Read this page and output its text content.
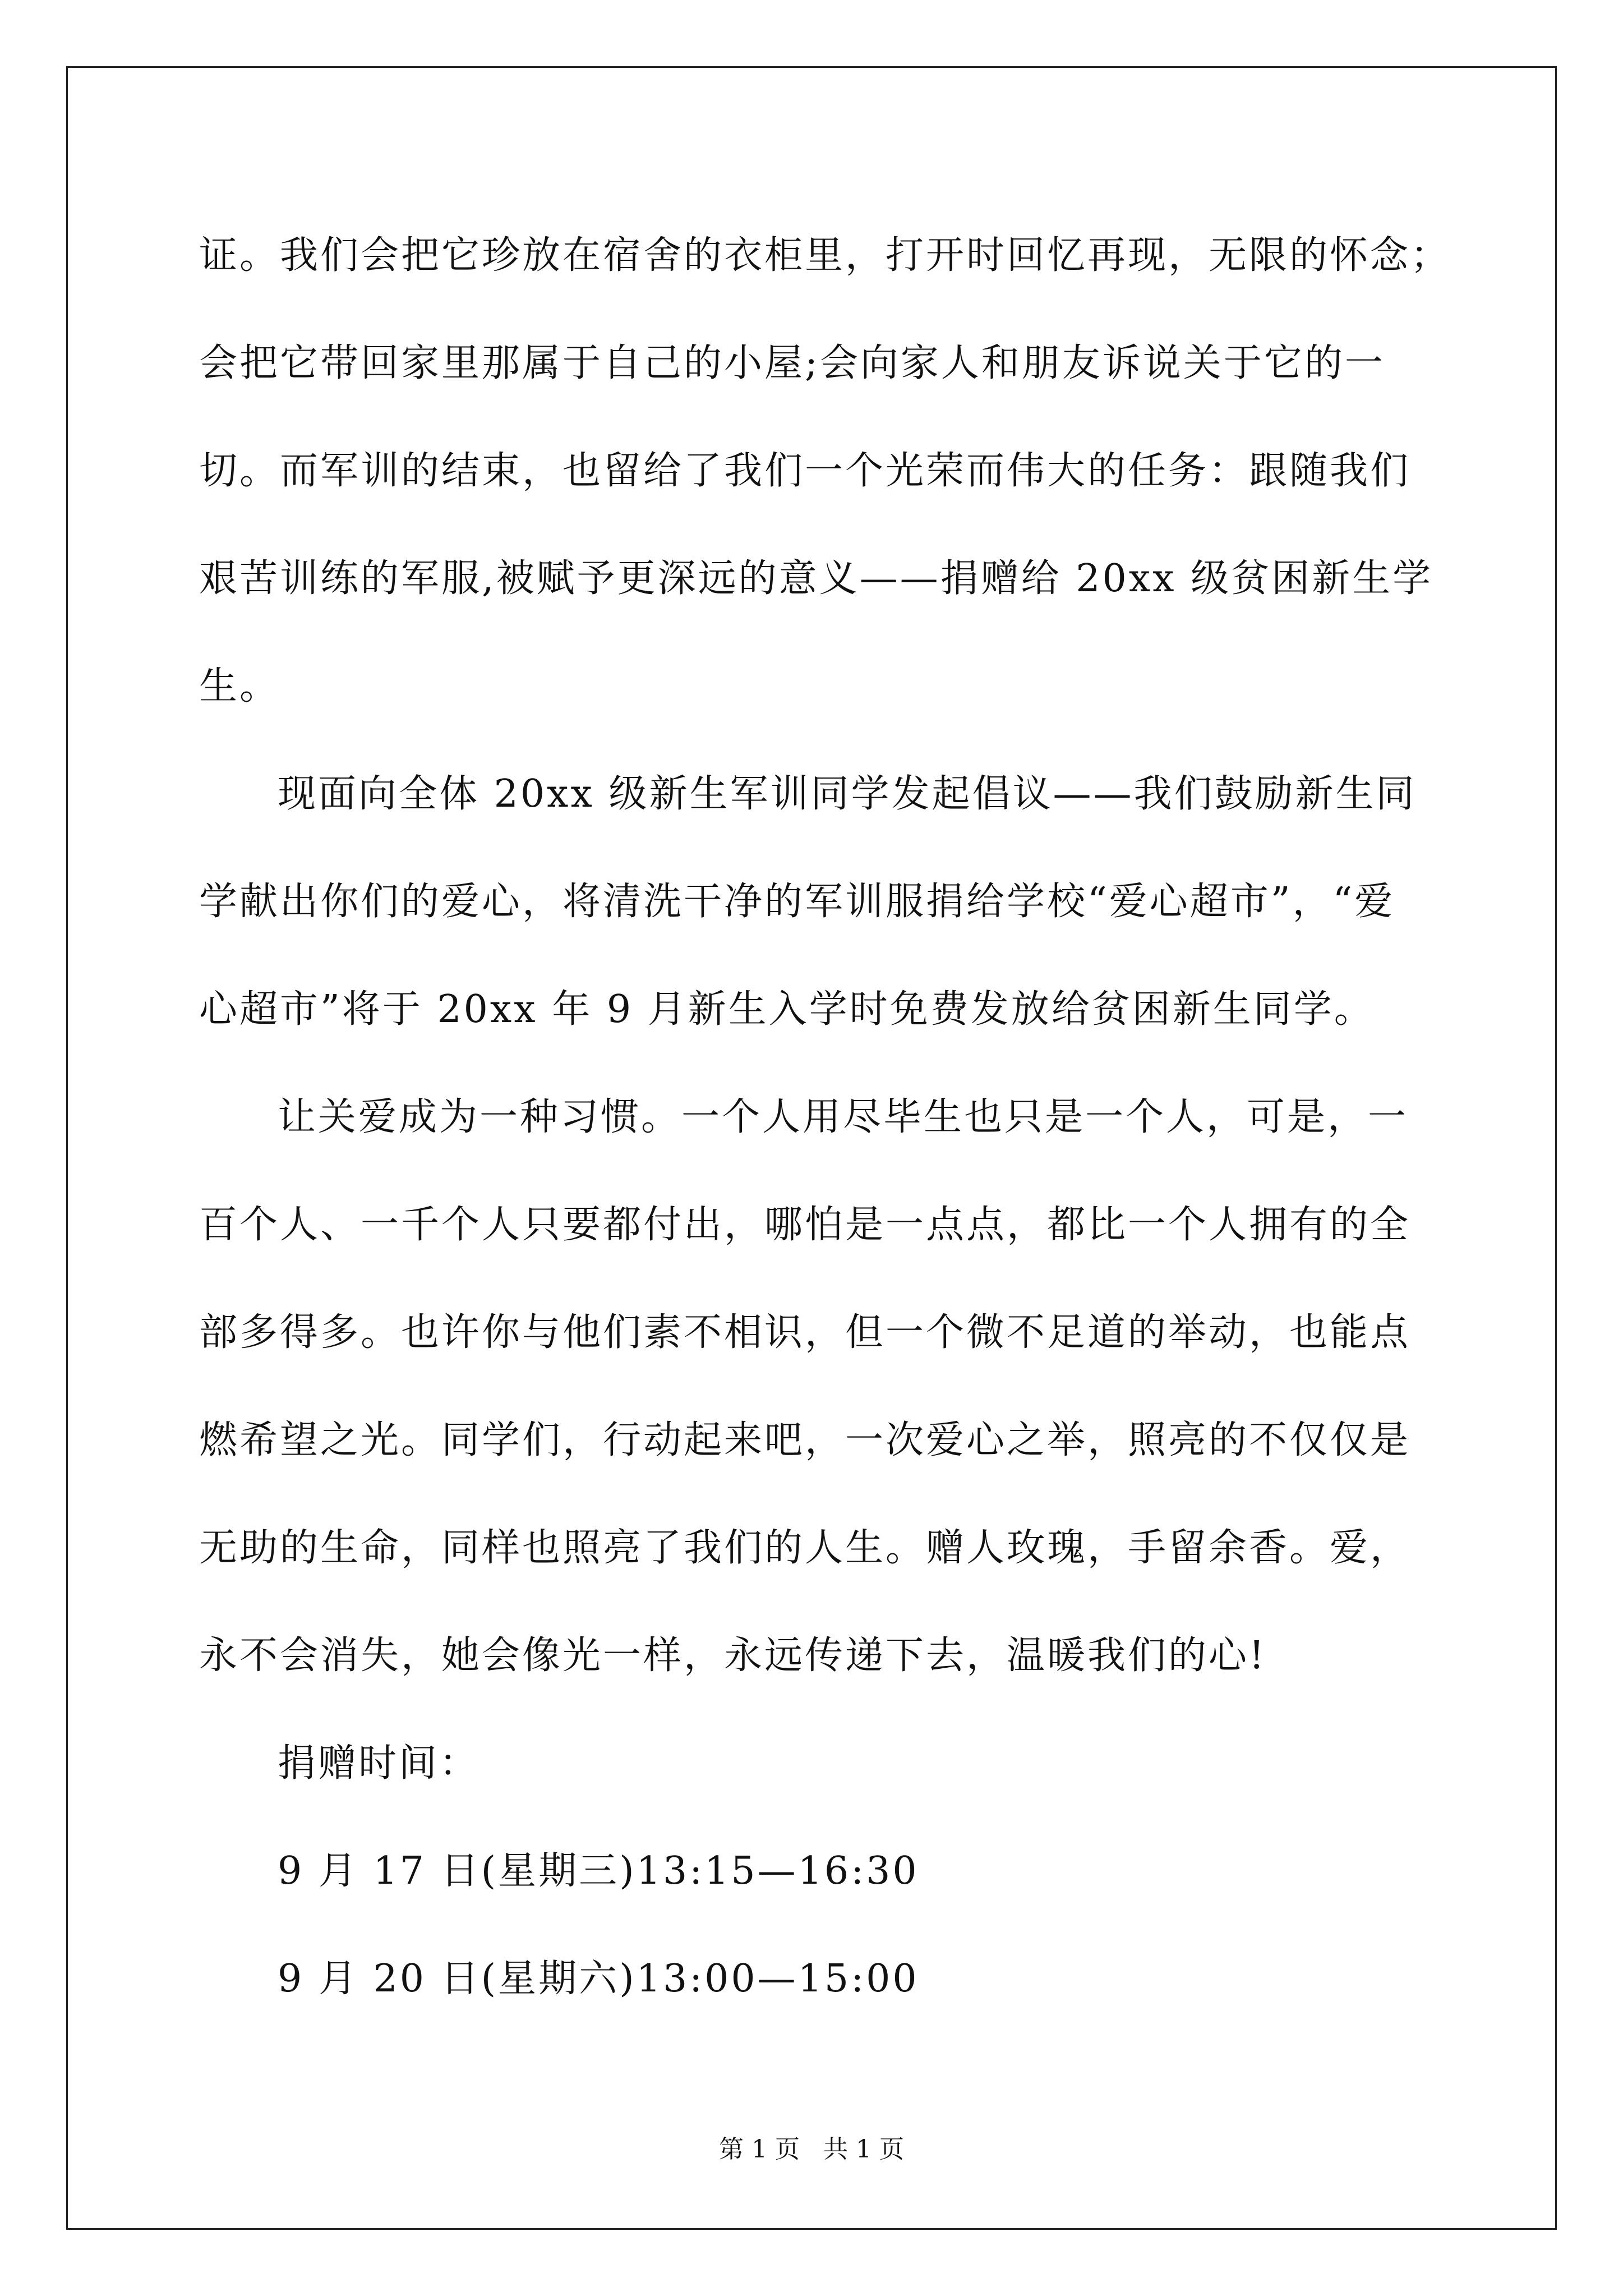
证。我们会把它珍放在宿舍的衣柜里，打开时回忆再现，无限的怀念；
会把它带回家里那属于自己的小屋;会向家人和朋友诉说关于它的一
切。而军训的结束，也留给了我们一个光荣而伟大的任务：跟随我们
艰苦训练的军服,被赋予更深远的意义——捐赠给 20xx 级贫困新生学
生。
现面向全体 20xx 级新生军训同学发起倡议——我们鼓励新生同
学献出你们的爱心，将清洗干净的军训服捐给学校“爱心超市”，“爱
心超市”将于 20xx 年 9 月新生入学时免费发放给贫困新生同学。
让关爱成为一种习惯。一个人用尽毕生也只是一个人，可是，一
百个人、一千个人只要都付出，哪怕是一点点，都比一个人拥有的全
部多得多。也许你与他们素不相识，但一个微不足道的举动，也能点
燃希望之光。同学们，行动起来吧，一次爱心之举，照亮的不仅仅是
无助的生命，同样也照亮了我们的人生。赠人玫瑰，手留余香。爱，
永不会消失，她会像光一样，永远传递下去，温暖我们的心!
捐赠时间：
9 月 17 日(星期三)13:15—16:30
9 月 20 日(星期六)13:00—15:00
第 1 页 共 1 页
